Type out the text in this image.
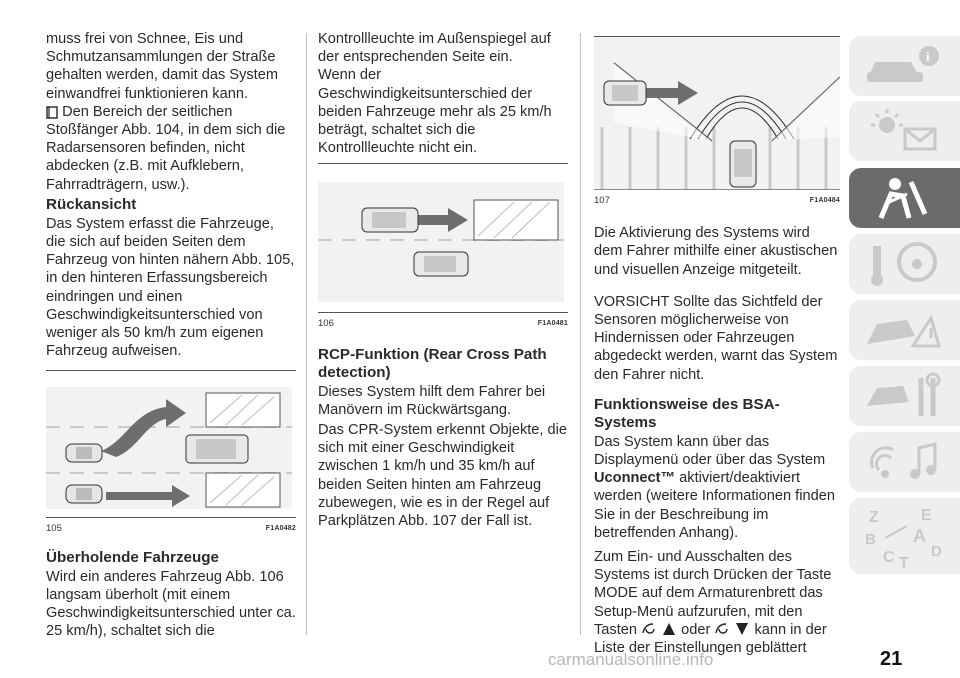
muss frei von Schnee, Eis und Schmutzansammlungen der Straße gehalten werden, damit das System einwandfrei funktionieren kann.

Den Bereich der seitlichen Stoßfänger Abb. 104, in dem sich die Radarsensoren befinden, nicht abdecken (z.B. mit Aufklebern, Fahrradträgern, usw.).

Rückansicht

Das System erfasst die Fahrzeuge, die sich auf beiden Seiten dem Fahrzeug von hinten nähern Abb. 105, in den hinteren Erfassungsbereich eindringen und einen Geschwindigkeitsunterschied von weniger als 50 km/h zum eigenen Fahrzeug aufweisen.

105	F1A0482
Überholende Fahrzeuge

Wird ein anderes Fahrzeug Abb. 106 langsam überholt (mit einem Geschwindigkeitsunterschied unter ca. 25 km/h), schaltet sich die

Kontrollleuchte im Außenspiegel auf der entsprechenden Seite ein.

Wenn der Geschwindigkeitsunterschied der beiden Fahrzeuge mehr als 25 km/h beträgt, schaltet sich die Kontrollleuchte nicht ein.

106	F1A0481
RCP-Funktion (Rear Cross Path detection)

Dieses System hilft dem Fahrer bei Manövern im Rückwärtsgang.

Das CPR-System erkennt Objekte, die sich mit einer Geschwindigkeit zwischen 1 km/h und 35 km/h auf beiden Seiten hinten am Fahrzeug zubewegen, wie es in der Regel auf Parkplätzen Abb. 107 der Fall ist.

107	F1A0484

Die Aktivierung des Systems wird dem Fahrer mithilfe einer akustischen und visuellen Anzeige mitgeteilt.

VORSICHT Sollte das Sichtfeld der Sensoren möglicherweise von Hindernissen oder Fahrzeugen abgedeckt werden, warnt das System den Fahrer nicht.

Funktionsweise des BSA-Systems

Das System kann über das Displaymenü oder über das System Uconnect™ aktiviert/deaktiviert werden (weitere Informationen finden Sie in der Beschreibung im betreffenden Anhang).

Zum Ein- und Ausschalten des Systems ist durch Drücken der Taste MODE auf dem Armaturenbrett das Setup-Menü aufzurufen, mit den

Tasten	oder	kann in der

Liste der Einstellungen geblättert

i
Z	E
A
B
C T
D
carmanualsonline.info	21
